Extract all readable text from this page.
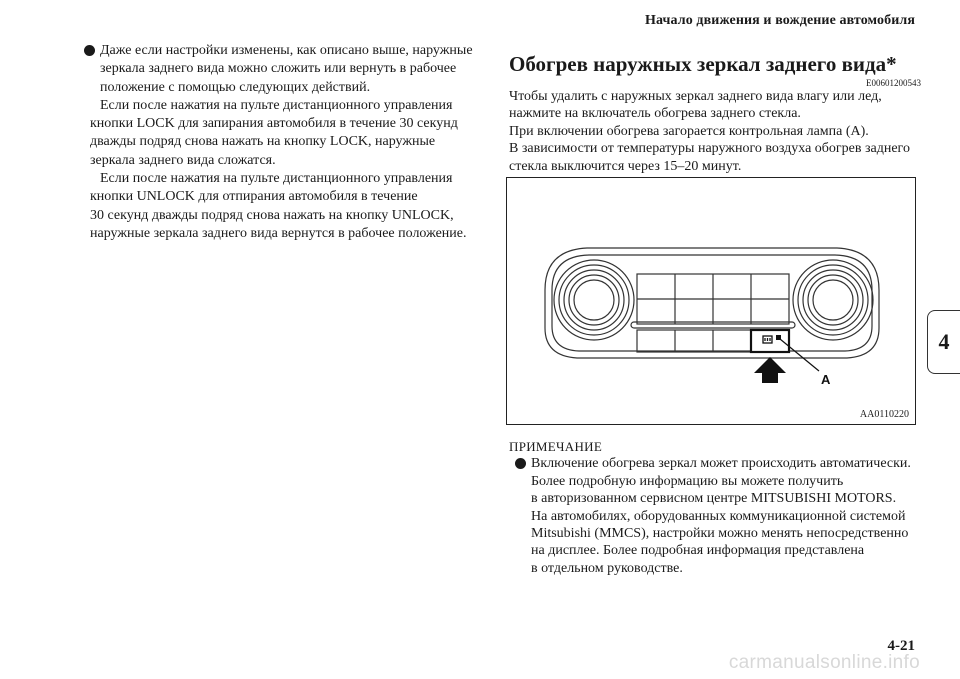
Начало движения и вождение автомобиля
4
Даже если настройки изменены, как описано выше, наружные
зеркала заднего вида можно сложить или вернуть в рабочее
положение с помощью следующих действий.
Если после нажатия на пульте дистанционного управления
кнопки LOCK для запирания автомобиля в течение 30 секунд
дважды подряд снова нажать на кнопку LOCK, наружные
зеркала заднего вида сложатся.
Если после нажатия на пульте дистанционного управления
кнопки UNLOCK для отпирания автомобиля в течение
30 секунд дважды подряд снова нажать на кнопку UNLOCK,
наружные зеркала заднего вида вернутся в рабочее положение.
Обогрев наружных зеркал заднего вида*
E00601200543
Чтобы удалить с наружных зеркал заднего вида влагу или лед,
нажмите на включатель обогрева заднего стекла.
При включении обогрева загорается контрольная лампа (A).
В зависимости от температуры наружного воздуха обогрев заднего
стекла выключится через 15–20 минут.
A
AA0110220
ПРИМЕЧАНИЕ
Включение обогрева зеркал может происходить автоматически.
Более подробную информацию вы можете получить
в авторизованном сервисном центре MITSUBISHI MOTORS.
На автомобилях, оборудованных коммуникационной системой
Mitsubishi (MMCS), настройки можно менять непосредственно
на дисплее. Более подробная информация представлена
в отдельном руководстве.
4-21
carmanualsonline.info
